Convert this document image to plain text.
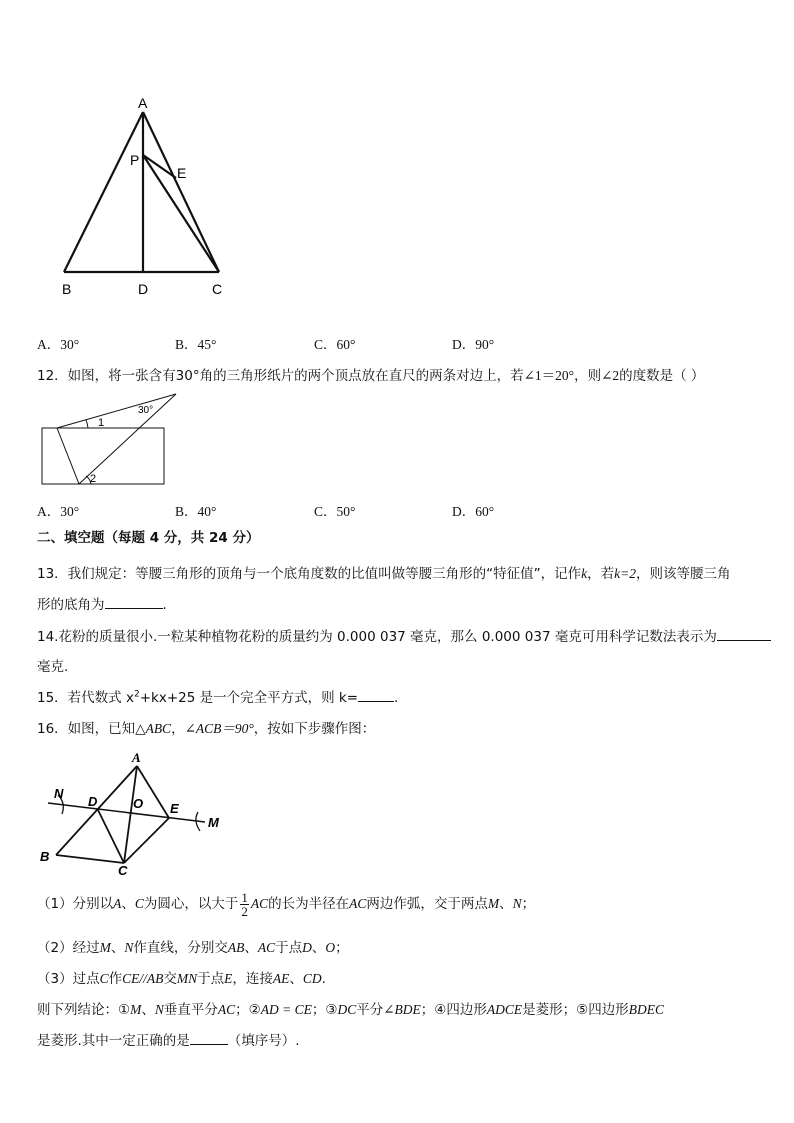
A
P
E
B	D	C
A．30°	B．45°	C．60°	D．90°
12．如图，将一张含有30°角的三角形纸片的两个顶点放在直尺的两条对边上，若∠1＝20°，则∠2的度数是（ ）
30°
1
2
A．30°	B．40°	C．50°	D．60°
二、填空题（每题 4 分，共 24 分）
13．我们规定：等腰三角形的顶角与一个底角度数的比值叫做等腰三角形的“特征值”，记作k，若k=2，则该等腰三角
形的底角为	.
14.花粉的质量很小.一粒某种植物花粉的质量约为 0.000 037 毫克，那么 0.000 037 毫克可用科学记数法表示为
毫克.
15．若代数式 $x^2+kx+25$ 是一个完全平方式，则 k=	.
16．如图，已知△ABC，∠ACB＝90°，按如下步骤作图：
A
N
D	O E
M
B
C
（1）分别以A、C为圆心，以大于 $\frac{1}{2}$ AC的长为半径在AC两边作弧，交于两点M、N；
（2）经过M、N作直线，分别交AB、AC于点D、O；
（3）过点C作CE//AB交MN于点E，连接AE、CD.
则下列结论：①M、N垂直平分AC；②AD = CE；③DC平分∠BDE；④四边形ADCE是菱形；⑤四边形BDEC
是菱形.其中一定正确的是	（填序号）.
